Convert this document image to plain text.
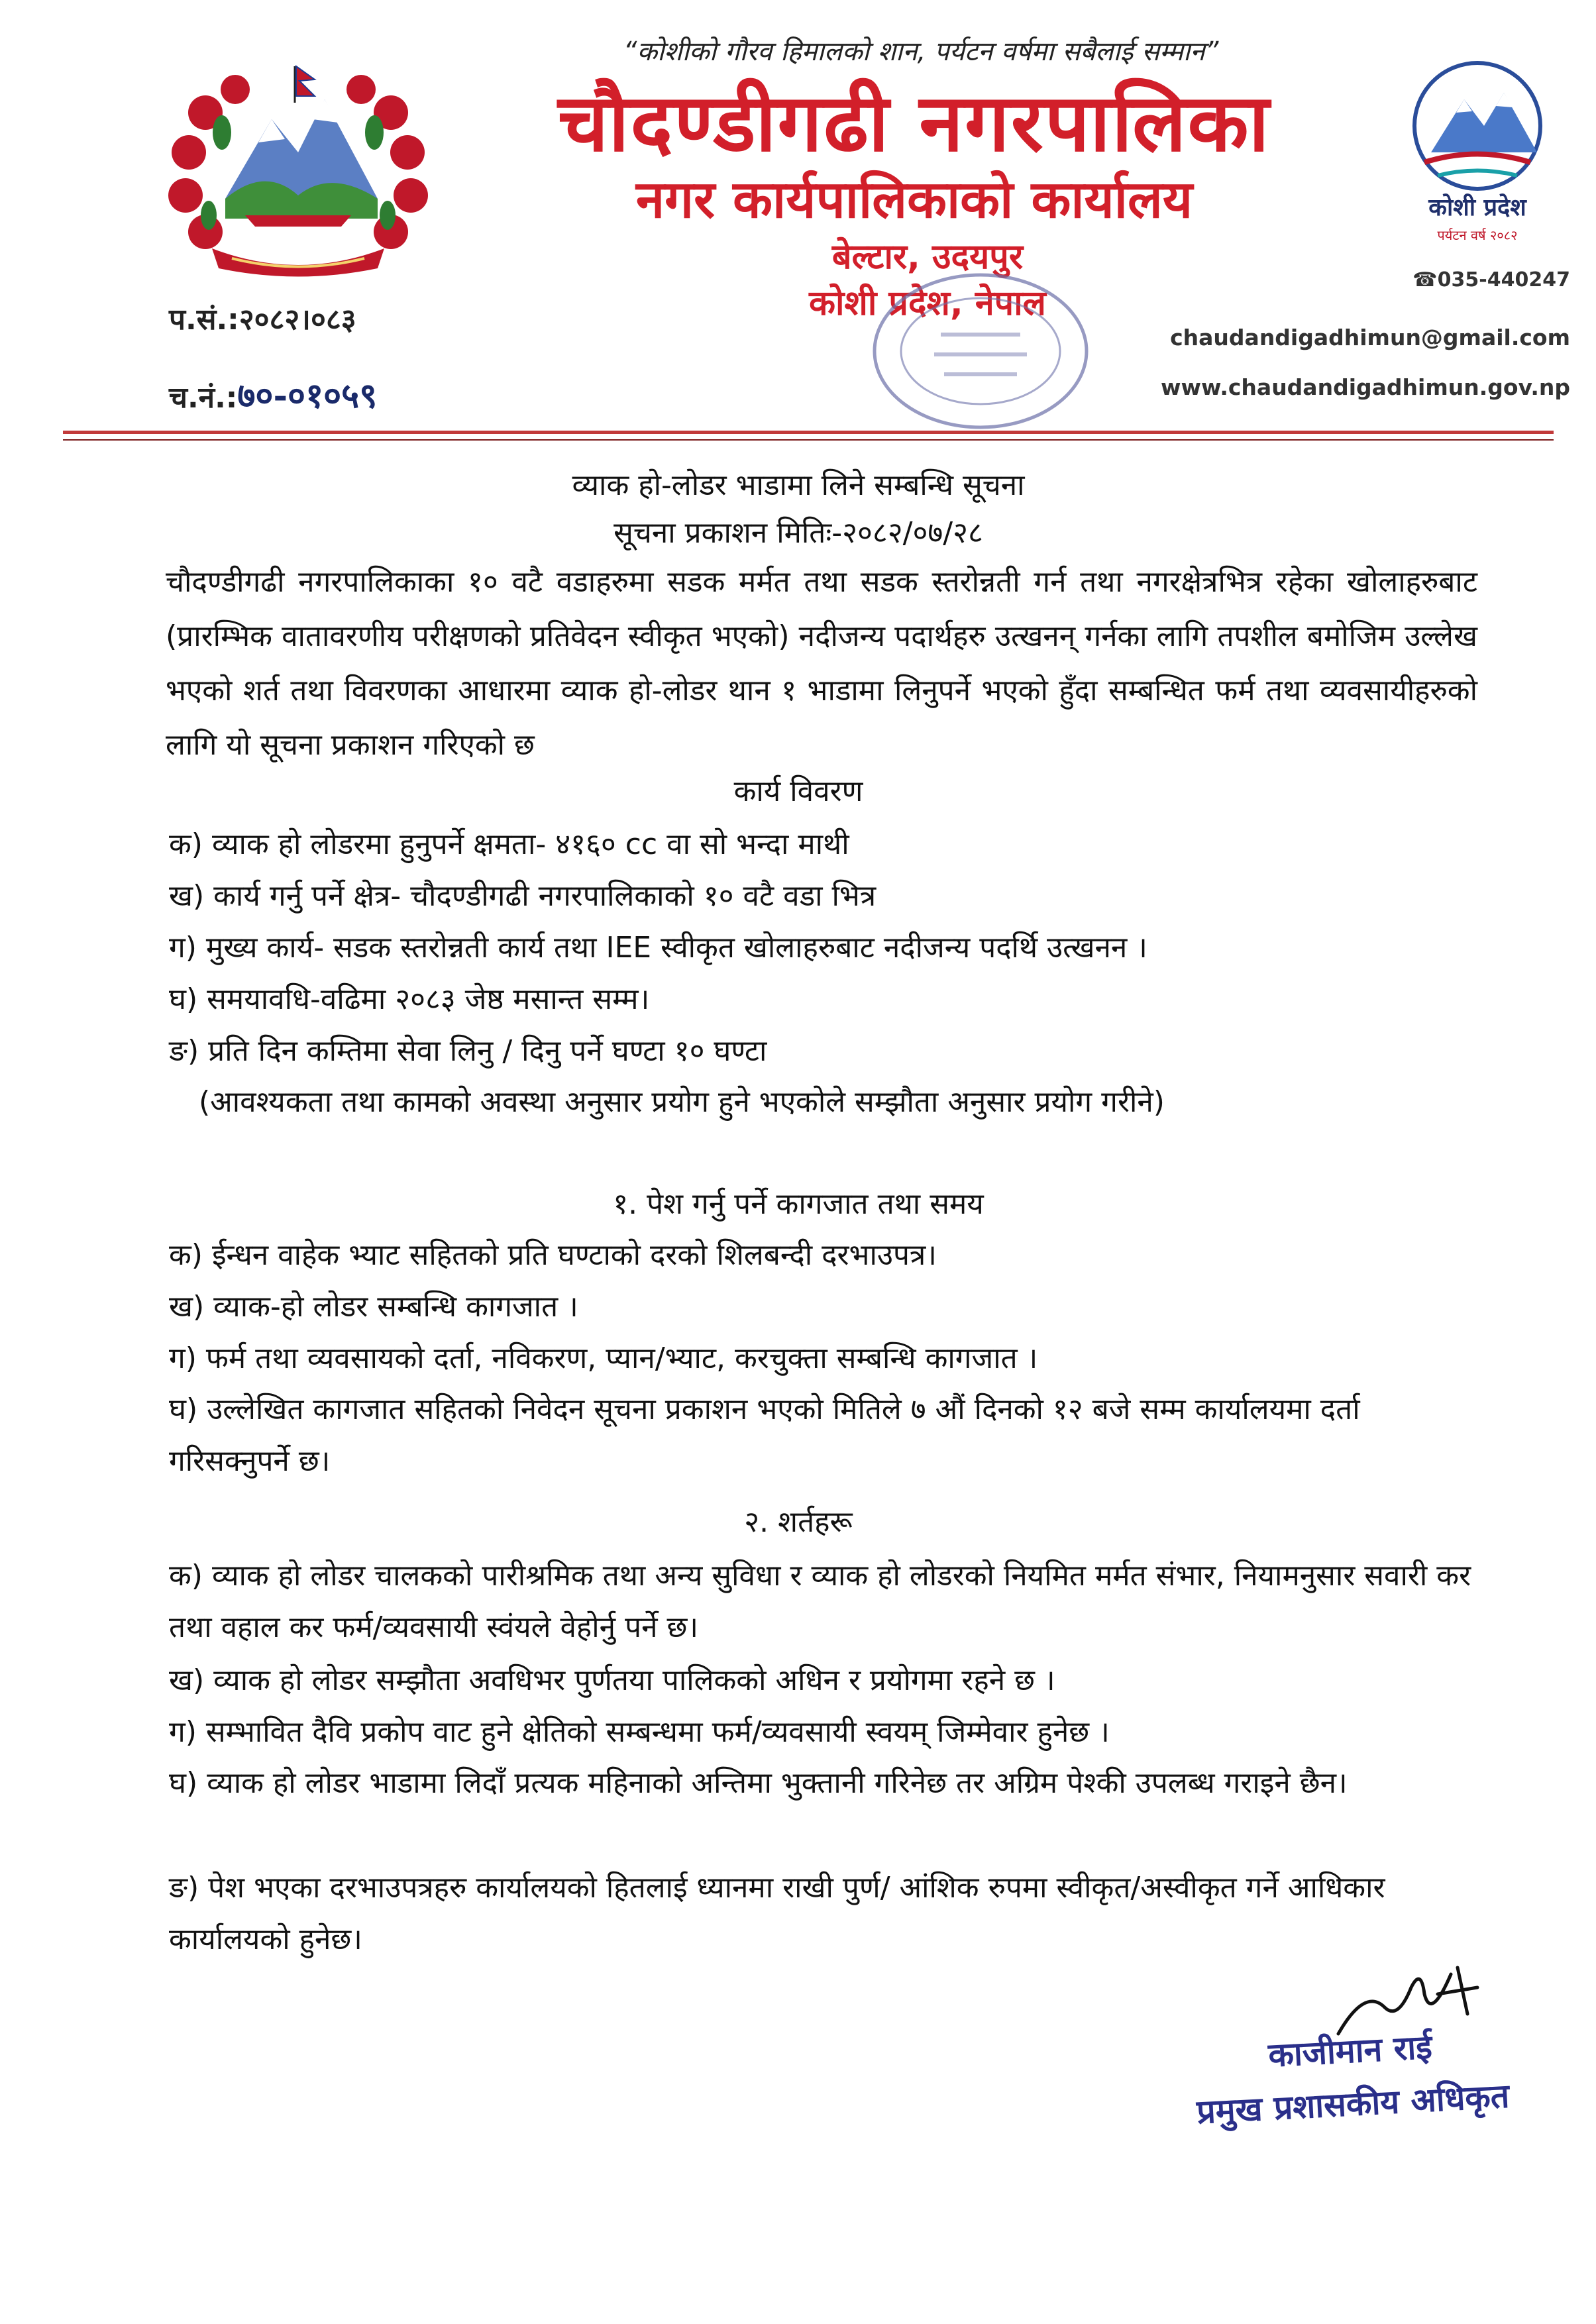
“कोशीको गौरव हिमालको शान, पर्यटन वर्षमा सबैलाई सम्मान”
चौदण्डीगढी नगरपालिका
नगर कार्यपालिकाको कार्यालय
बेल्टार, उदयपुर
कोशी प्रदेश, नेपाल
कोशी प्रदेश
पर्यटन वर्ष २०८२
☎035-440247
chaudandigadhimun@gmail.com
www.chaudandigadhimun.gov.np
प.सं.:२०८२।०८३
च.नं.:७०-०१०५९
व्याक हो-लोडर भाडामा लिने सम्बन्धि सूचना
सूचना प्रकाशन मितिः-२०८२/०७/२८
चौदण्डीगढी नगरपालिकाका १० वटै वडाहरुमा सडक मर्मत तथा सडक स्तरोन्नती गर्न तथा नगरक्षेत्रभित्र रहेका खोलाहरुबाट (प्रारम्भिक वातावरणीय परीक्षणको प्रतिवेदन स्वीकृत भएको) नदीजन्य पदार्थहरु उत्खनन् गर्नका लागि तपशील बमोजिम उल्लेख भएको शर्त तथा विवरणका आधारमा व्याक हो-लोडर थान १ भाडामा लिनुपर्ने भएको हुँदा सम्बन्धित फर्म तथा व्यवसायीहरुको लागि यो सूचना प्रकाशन गरिएको छ
कार्य विवरण
क) व्याक हो लोडरमा हुनुपर्ने क्षमता- ४१६० cc वा सो भन्दा माथी
ख) कार्य गर्नु पर्ने क्षेत्र- चौदण्डीगढी नगरपालिकाको १० वटै वडा भित्र
ग) मुख्य कार्य- सडक स्तरोन्नती कार्य तथा IEE स्वीकृत खोलाहरुबाट नदीजन्य पदर्थि उत्खनन ।
घ) समयावधि-वढिमा २०८३ जेष्ठ मसान्त सम्म।
ङ) प्रति दिन कम्तिमा सेवा लिनु / दिनु पर्ने घण्टा १० घण्टा
(आवश्यकता तथा कामको अवस्था अनुसार प्रयोग हुने भएकोले सम्झौता अनुसार प्रयोग गरीने)
१. पेश गर्नु पर्ने कागजात तथा समय
क) ईन्धन वाहेक भ्याट सहितको प्रति घण्टाको दरको शिलबन्दी दरभाउपत्र।
ख) व्याक-हो लोडर सम्बन्धि कागजात ।
ग) फर्म तथा व्यवसायको दर्ता, नविकरण, प्यान/भ्याट, करचुक्ता सम्बन्धि कागजात ।
घ) उल्लेखित कागजात सहितको निवेदन सूचना प्रकाशन भएको मितिले ७ औं दिनको १२ बजे सम्म कार्यालयमा दर्ता गरिसक्नुपर्ने छ।
२. शर्तहरू
क) व्याक हो लोडर चालकको पारीश्रमिक तथा अन्य सुविधा र व्याक हो लोडरको नियमित मर्मत संभार, नियामनुसार सवारी कर तथा वहाल कर फर्म/व्यवसायी स्वंयले वेहोर्नु पर्ने छ।
ख) व्याक हो लोडर सम्झौता अवधिभर पुर्णतया पालिकको अधिन र प्रयोगमा रहने छ ।
ग) सम्भावित दैवि प्रकोप वाट हुने क्षेतिको सम्बन्धमा फर्म/व्यवसायी स्वयम् जिम्मेवार हुनेछ ।
घ) व्याक हो लोडर भाडामा लिदाँ प्रत्यक महिनाको अन्तिमा भुक्तानी गरिनेछ तर अग्रिम पेश्की उपलब्ध गराइने छैन।
ङ) पेश भएका दरभाउपत्रहरु कार्यालयको हितलाई ध्यानमा राखी पुर्ण/ आंशिक रुपमा स्वीकृत/अस्वीकृत गर्ने आधिकार कार्यालयको हुनेछ।
काजीमान राई
प्रमुख प्रशासकीय अधिकृत
